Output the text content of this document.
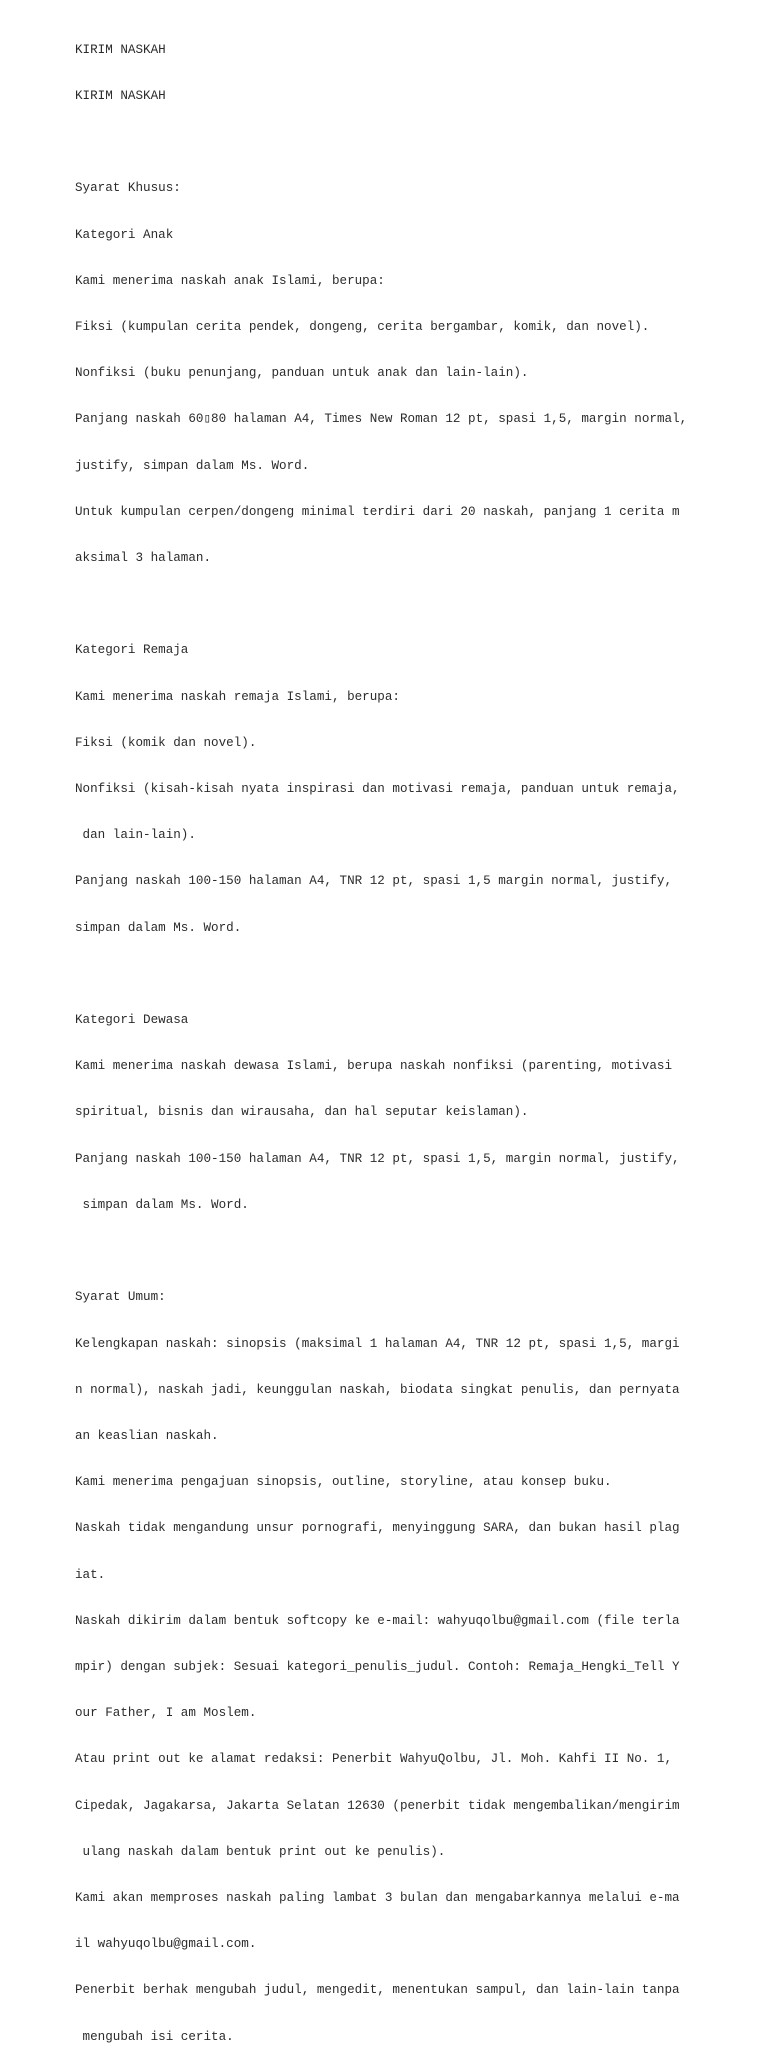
KIRIM NASKAH

KIRIM NASKAH

Syarat Khusus:

Kategori Anak

Kami menerima naskah anak Islami, berupa:

Fiksi (kumpulan cerita pendek, dongeng, cerita bergambar, komik, dan novel).

Nonfiksi (buku penunjang, panduan untuk anak dan lain-lain).

Panjang naskah 60▯80 halaman A4, Times New Roman 12 pt, spasi 1,5, margin normal,

justify, simpan dalam Ms. Word.

Untuk kumpulan cerpen/dongeng minimal terdiri dari 20 naskah, panjang 1 cerita m

aksimal 3 halaman.

Kategori Remaja

Kami menerima naskah remaja Islami, berupa:

Fiksi (komik dan novel).

Nonfiksi (kisah-kisah nyata inspirasi dan motivasi remaja, panduan untuk remaja,

dan lain-lain).

Panjang naskah 100-150 halaman A4, TNR 12 pt, spasi 1,5 margin normal, justify,

simpan dalam Ms. Word.

Kategori Dewasa

Kami menerima naskah dewasa Islami, berupa naskah nonfiksi (parenting, motivasi

spiritual, bisnis dan wirausaha, dan hal seputar keislaman).

Panjang naskah 100-150 halaman A4, TNR 12 pt, spasi 1,5, margin normal, justify,

simpan dalam Ms. Word.

Syarat Umum:

Kelengkapan naskah: sinopsis (maksimal 1 halaman A4, TNR 12 pt, spasi 1,5, margi

n normal), naskah jadi, keunggulan naskah, biodata singkat penulis, dan pernyata

an keaslian naskah.

Kami menerima pengajuan sinopsis, outline, storyline, atau konsep buku.

Naskah tidak mengandung unsur pornografi, menyinggung SARA, dan bukan hasil plag

iat.

Naskah dikirim dalam bentuk softcopy ke e-mail: wahyuqolbu@gmail.com (file terla

mpir) dengan subjek: Sesuai kategori_penulis_judul. Contoh: Remaja_Hengki_Tell Y

our Father, I am Moslem.

Atau print out ke alamat redaksi: Penerbit WahyuQolbu, Jl. Moh. Kahfi II No. 1,

Cipedak, Jagakarsa, Jakarta Selatan 12630 (penerbit tidak mengembalikan/mengirim

ulang naskah dalam bentuk print out ke penulis).

Kami akan memproses naskah paling lambat 3 bulan dan mengabarkannya melalui e-ma

il wahyuqolbu@gmail.com.

Penerbit berhak mengubah judul, mengedit, menentukan sampul, dan lain-lain tanpa

mengubah isi cerita.
